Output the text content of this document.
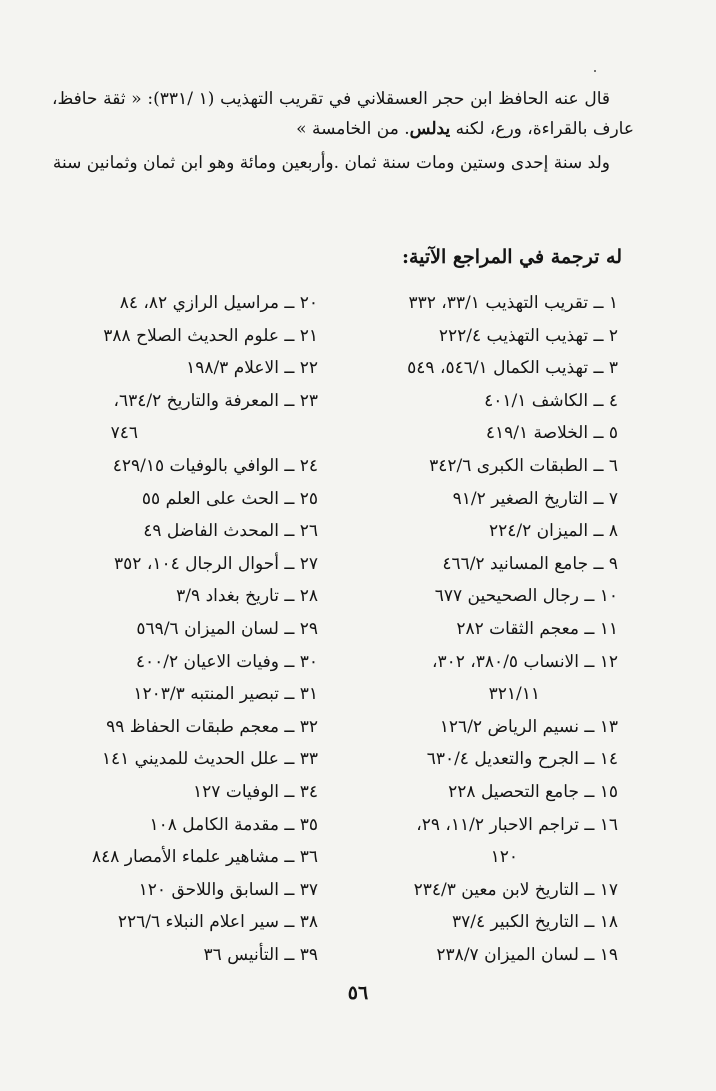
قال عنه الحافظ ابن حجر العسقلاني في تقريب التهذيب (١ /٣٣١): « ثقة حافظ، عارف بالقراءة، ورع، لكنه يدلس. من الخامسة »

ولد سنة إحدى وستين ومات سنة ثمان .وأربعين ومائة وهو ابن ثمان وثمانين سنة

له ترجمة في المراجع الآتية:
١ ــ تقريب التهذيب ٣٣/١، ٣٣٢
٢ ــ تهذيب التهذيب ٢٢٢/٤
٣ ــ تهذيب الكمال ٥٤٦/١، ٥٤٩
٤ ــ الكاشف ٤٠١/١
٥ ــ الخلاصة ٤١٩/١
٦ ــ الطبقات الكبرى ٣٤٢/٦
٧ ــ التاريخ الصغير ٩١/٢
٨ ــ الميزان ٢٢٤/٢
٩ ــ جامع المسانيد ٤٦٦/٢
١٠ ــ رجال الصحيحين ٦٧٧
١١ ــ معجم الثقات ٢٨٢
١٢ ــ الانساب ٣٨٠/٥، ٣٠٢،
٣٢١/١١
١٣ ــ نسيم الرياض ١٢٦/٢
١٤ ــ الجرح والتعديل ٦٣٠/٤
١٥ ــ جامع التحصيل ٢٢٨
١٦ ــ تراجم الاحبار ١١/٢، ٢٩،
١٢٠
١٧ ــ التاريخ لابن معين ٢٣٤/٣
١٨ ــ التاريخ الكبير ٣٧/٤
١٩ ــ لسان الميزان ٢٣٨/٧
٢٠ ــ مراسيل الرازي ٨٢، ٨٤
٢١ ــ علوم الحديث الصلاح ٣٨٨
٢٢ ــ الاعلام ١٩٨/٣
٢٣ ــ المعرفة والتاريخ ٦٣٤/٢،
٧٤٦
٢٤ ــ الوافي بالوفيات ٤٢٩/١٥
٢٥ ــ الحث على العلم ٥٥
٢٦ ــ المحدث الفاضل ٤٩
٢٧ ــ أحوال الرجال ١٠٤، ٣٥٢
٢٨ ــ تاريخ بغداد ٣/٩
٢٩ ــ لسان الميزان ٥٦٩/٦
٣٠ ــ وفيات الاعيان ٤٠٠/٢
٣١ ــ تبصير المنتبه ١٢٠٣/٣
٣٢ ــ معجم طبقات الحفاظ ٩٩
٣٣ ــ علل الحديث للمديني ١٤١
٣٤ ــ الوفيات ١٢٧
٣٥ ــ مقدمة الكامل ١٠٨
٣٦ ــ مشاهير علماء الأمصار ٨٤٨
٣٧ ــ السابق واللاحق ١٢٠
٣٨ ــ سير اعلام النبلاء ٢٢٦/٦
٣٩ ــ التأنيس ٣٦
٥٦
